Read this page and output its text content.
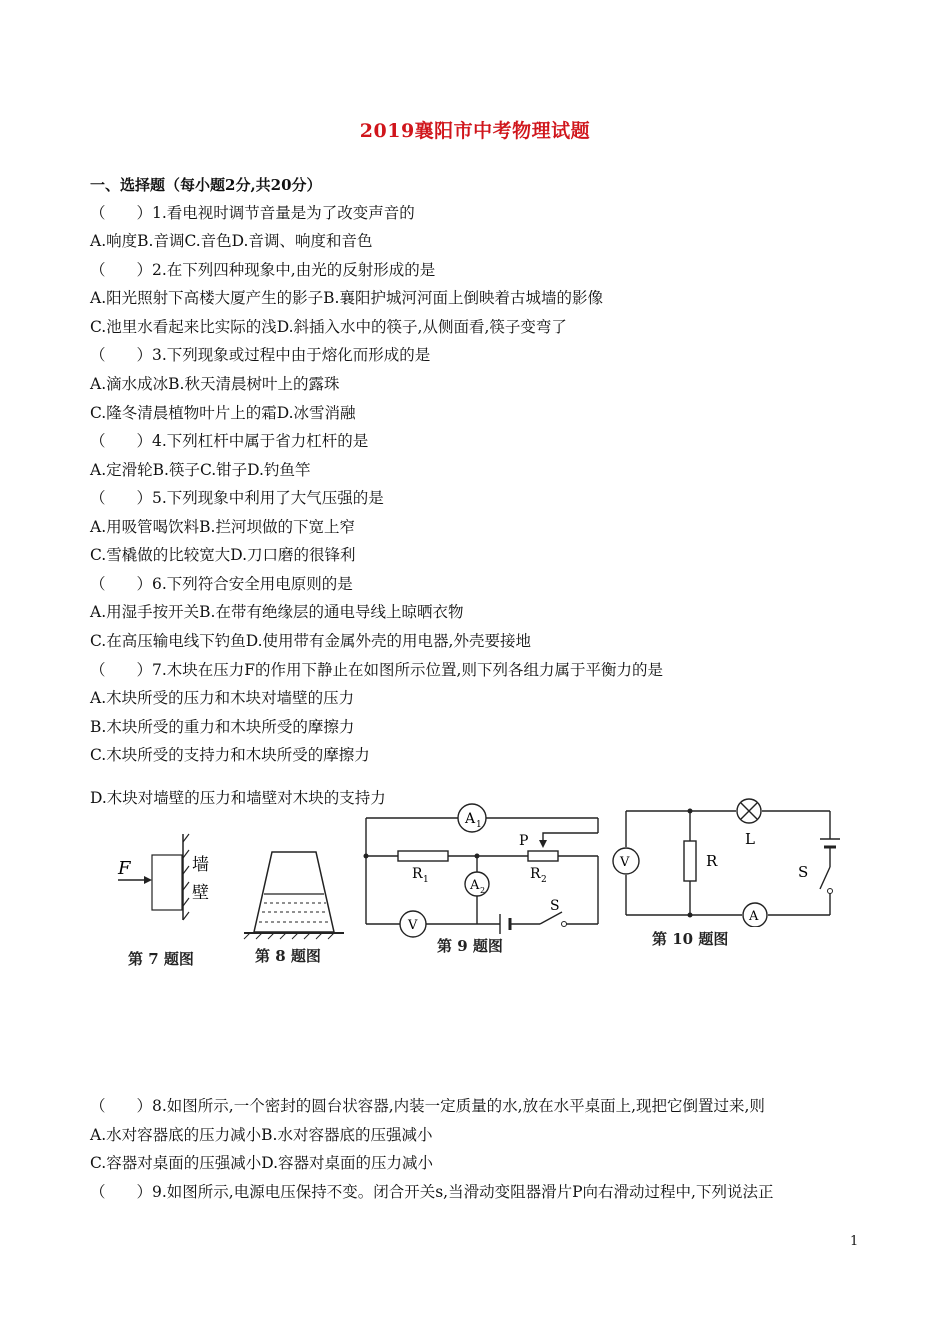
2019襄阳市中考物理试题
一、选择题（每小题2分,共20分）
（　　）1.看电视时调节音量是为了改变声音的
A.响度B.音调C.音色D.音调、响度和音色
（　　）2.在下列四种现象中,由光的反射形成的是
A.阳光照射下高楼大厦产生的影子B.襄阳护城河河面上倒映着古城墙的影像
C.池里水看起来比实际的浅D.斜插入水中的筷子,从侧面看,筷子变弯了
（　　）3.下列现象或过程中由于熔化而形成的是
A.滴水成冰B.秋天清晨树叶上的露珠
C.隆冬清晨植物叶片上的霜D.冰雪消融
（　　）4.下列杠杆中属于省力杠杆的是
A.定滑轮B.筷子C.钳子D.钓鱼竿
（　　）5.下列现象中利用了大气压强的是
A.用吸管喝饮料B.拦河坝做的下宽上窄
C.雪橇做的比较宽大D.刀口磨的很锋利
（　　）6.下列符合安全用电原则的是
A.用湿手按开关B.在带有绝缘层的通电导线上晾晒衣物
C.在高压输电线下钓鱼D.使用带有金属外壳的用电器,外壳要接地
（　　）7.木块在压力F的作用下静止在如图所示位置,则下列各组力属于平衡力的是
A.木块所受的压力和木块对墙壁的压力
B.木块所受的重力和木块所受的摩擦力
C.木块所受的支持力和木块所受的摩擦力
D.木块对墙壁的压力和墙壁对木块的支持力
F	墙
壁
第 7 题图	第 8 题图
A 1
R 1	R 2
P
A 2
V
S
第 9 题图
L
S
V	R
A
第 10 题图
（　　）8.如图所示,一个密封的圆台状容器,内装一定质量的水,放在水平桌面上,现把它倒置过来,则
A.水对容器底的压力减小B.水对容器底的压强减小
C.容器对桌面的压强减小D.容器对桌面的压力减小
（　　）9.如图所示,电源电压保持不变。闭合开关s,当滑动变阻器滑片P向右滑动过程中,下列说法正
1
